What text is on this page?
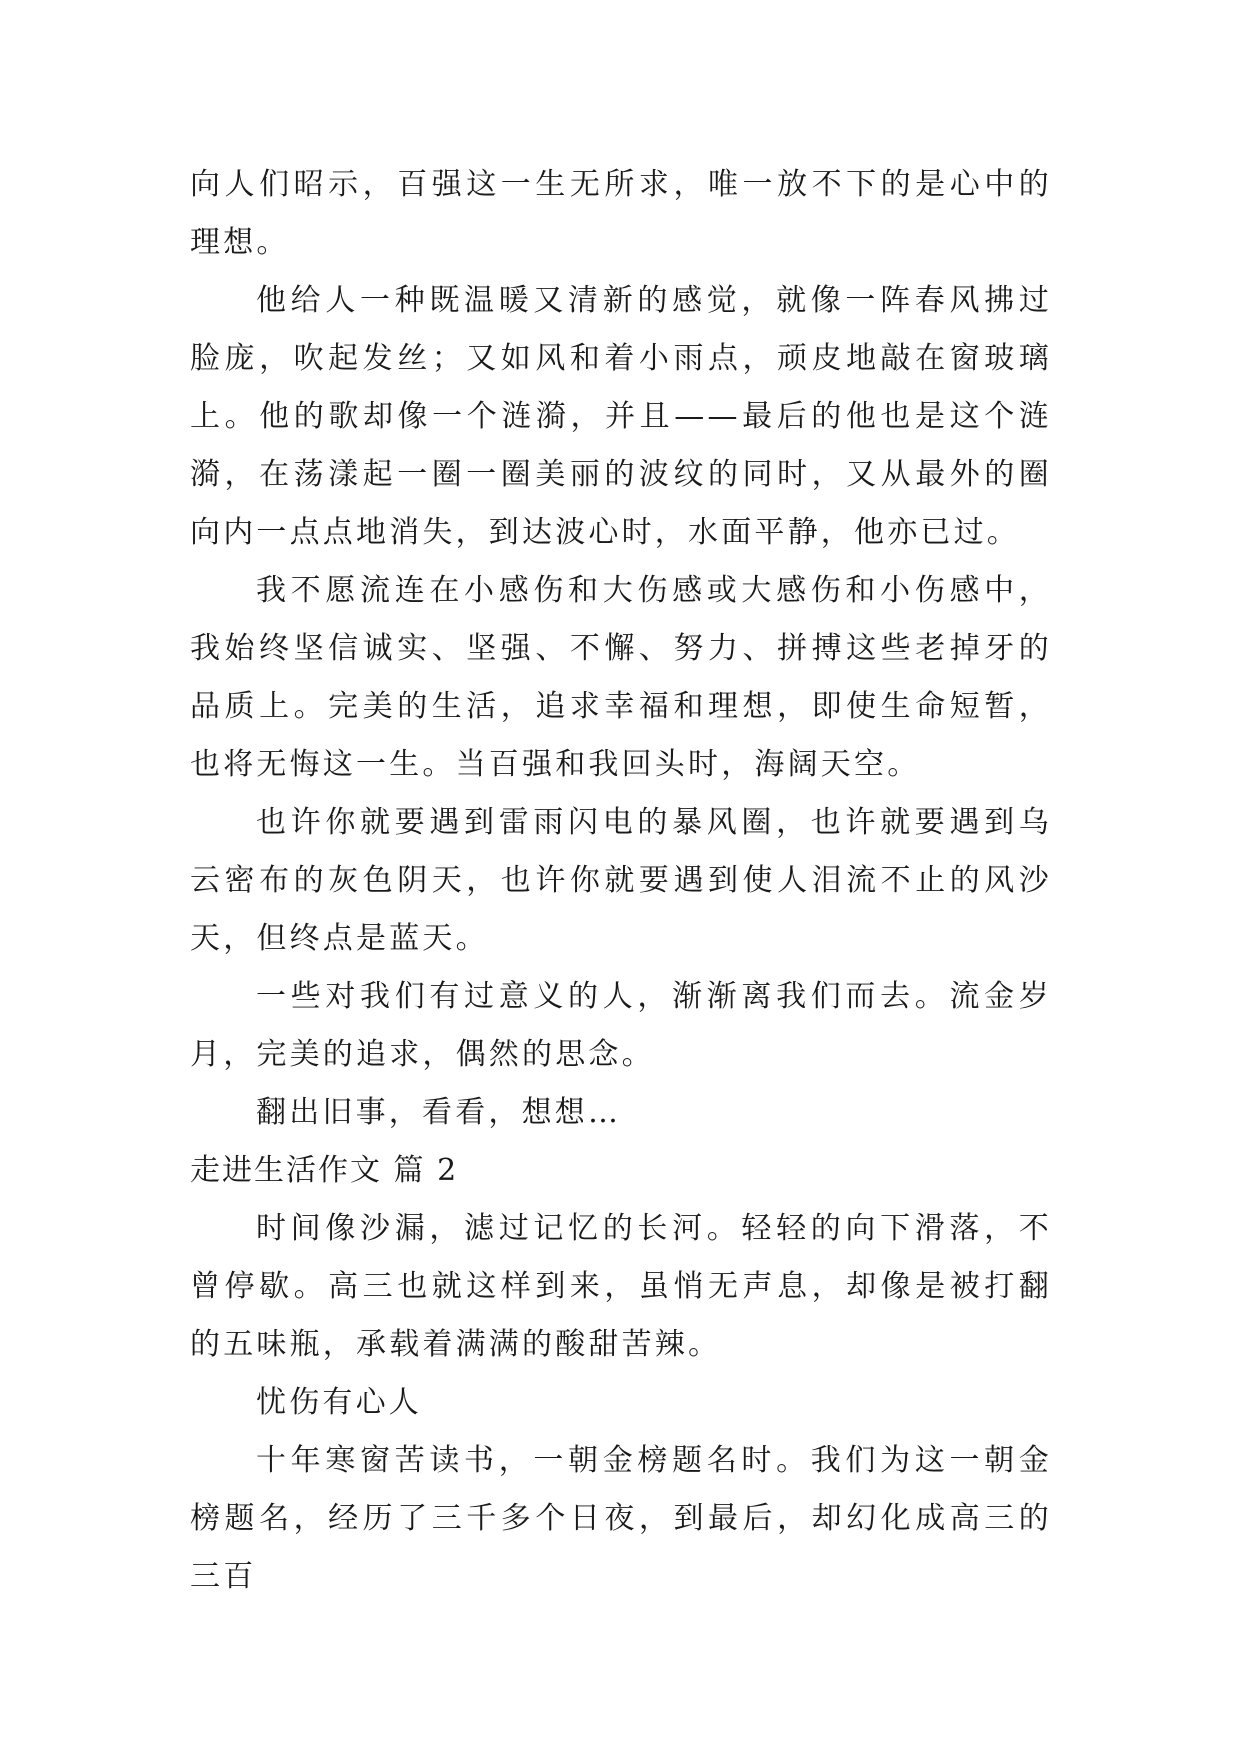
向人们昭示，百强这一生无所求，唯一放不下的是心中的理想。

他给人一种既温暖又清新的感觉，就像一阵春风拂过脸庞，吹起发丝；又如风和着小雨点，顽皮地敲在窗玻璃上。他的歌却像一个涟漪，并且——最后的他也是这个涟漪，在荡漾起一圈一圈美丽的波纹的同时，又从最外的圈向内一点点地消失，到达波心时，水面平静，他亦已过。

我不愿流连在小感伤和大伤感或大感伤和小伤感中，我始终坚信诚实、坚强、不懈、努力、拼搏这些老掉牙的品质上。完美的生活，追求幸福和理想，即使生命短暂，也将无悔这一生。当百强和我回头时，海阔天空。

也许你就要遇到雷雨闪电的暴风圈，也许就要遇到乌云密布的灰色阴天，也许你就要遇到使人泪流不止的风沙天，但终点是蓝天。

一些对我们有过意义的人，渐渐离我们而去。流金岁月，完美的追求，偶然的思念。

翻出旧事，看看，想想…

走进生活作文 篇 2

时间像沙漏，滤过记忆的长河。轻轻的向下滑落，不曾停歇。高三也就这样到来，虽悄无声息，却像是被打翻的五味瓶，承载着满满的酸甜苦辣。

忧伤有心人

十年寒窗苦读书，一朝金榜题名时。我们为这一朝金榜题名，经历了三千多个日夜，到最后，却幻化成高三的三百
